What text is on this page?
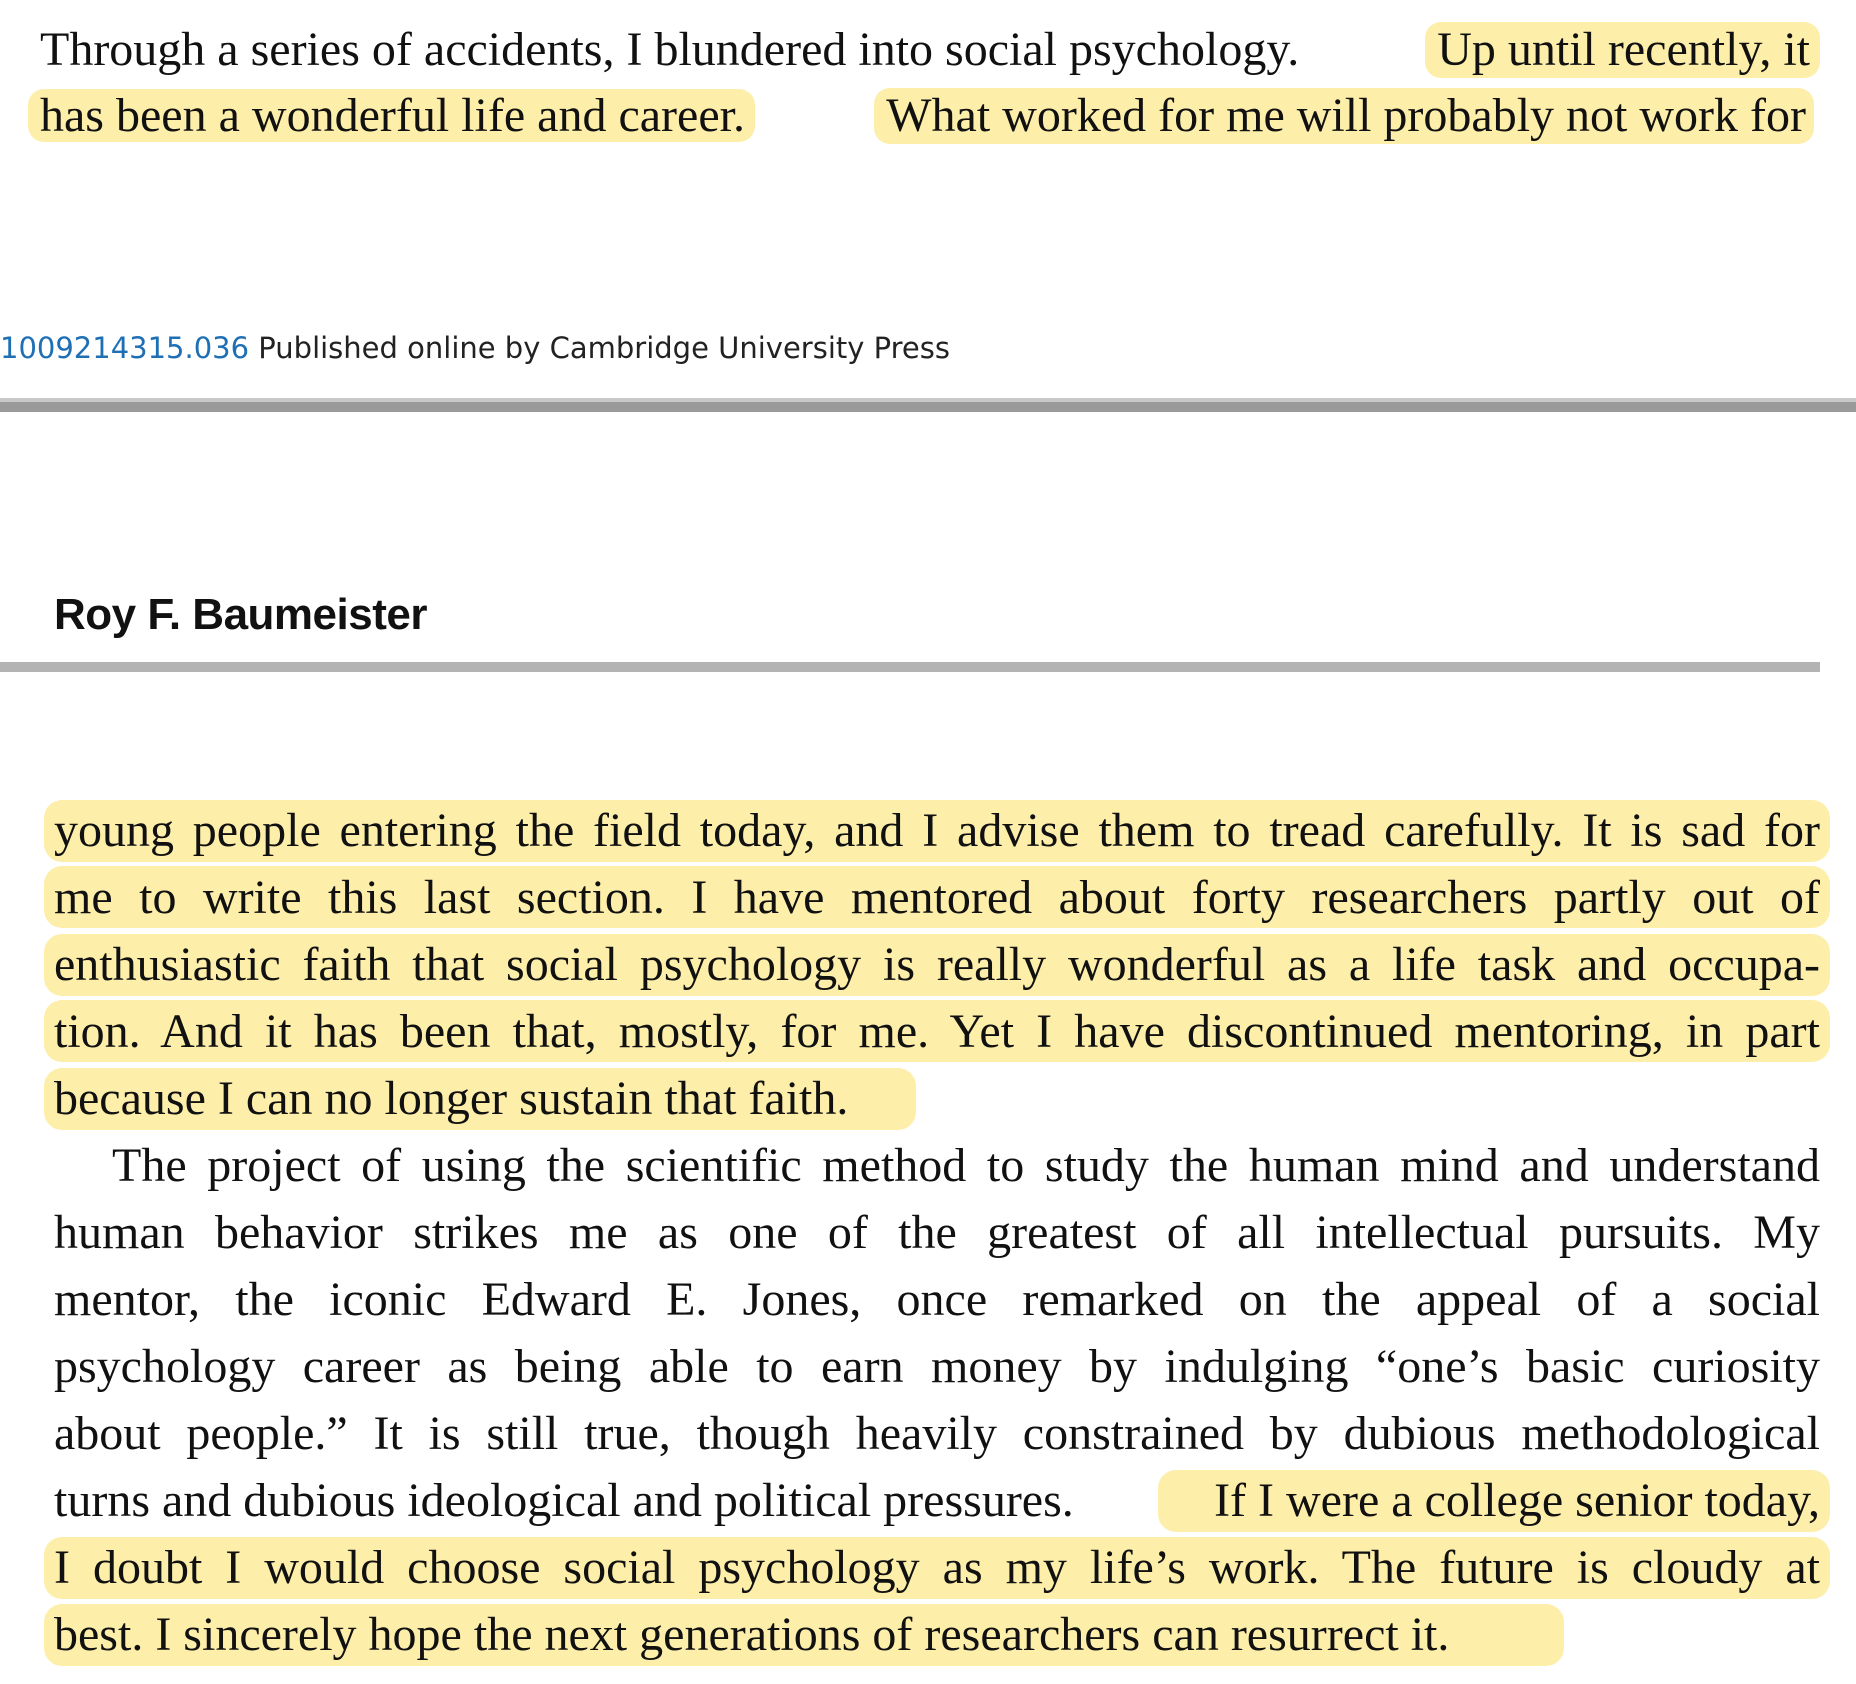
Through a series of accidents, I blundered into social psychology.	Up until recently, it
has been a wonderful life and career.	What worked for me will probably not work for
1009214315.036 Published online by Cambridge University Press
Roy F. Baumeister
young people entering the field today, and I advise them to tread carefully. It is sad for
me to write this last section. I have mentored about forty researchers partly out of
enthusiastic faith that social psychology is really wonderful as a life task and occupa-
tion. And it has been that, mostly, for me. Yet I have discontinued mentoring, in part
because I can no longer sustain that faith.
The project of using the scientific method to study the human mind and understand
human behavior strikes me as one of the greatest of all intellectual pursuits. My
mentor, the iconic Edward E. Jones, once remarked on the appeal of a social
psychology career as being able to earn money by indulging “one’s basic curiosity
about people.” It is still true, though heavily constrained by dubious methodological
turns and dubious ideological and political pressures.	If I were a college senior today,
I doubt I would choose social psychology as my life’s work. The future is cloudy at
best. I sincerely hope the next generations of researchers can resurrect it.
